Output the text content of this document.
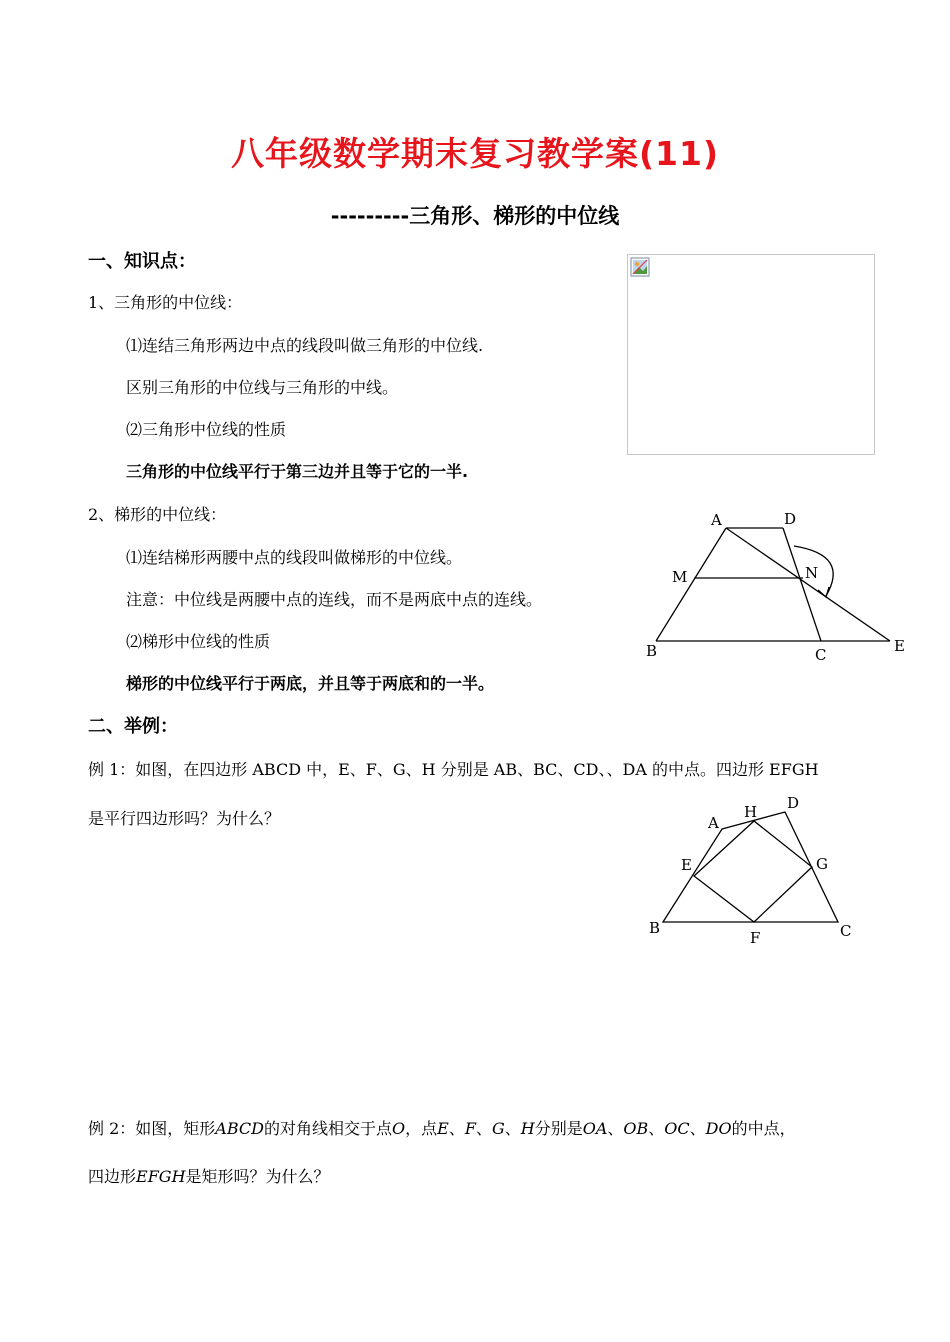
八年级数学期末复习教学案(11)
---------三角形、梯形的中位线
一、知识点：
1、三角形的中位线：
⑴连结三角形两边中点的线段叫做三角形的中位线.
区别三角形的中位线与三角形的中线。
⑵三角形中位线的性质
三角形的中位线平行于第三边并且等于它的一半.
2、梯形的中位线：
⑴连结梯形两腰中点的线段叫做梯形的中位线。
注意：中位线是两腰中点的连线，而不是两底中点的连线。
⑵梯形中位线的性质
梯形的中位线平行于两底，并且等于两底和的一半。
A	D
M	N
B	C	E
二、举例：
例 1：如图，在四边形 ABCD 中，E、F、G、H 分别是 AB、BC、CD、、DA 的中点。四边形 EFGH
是平行四边形吗？为什么？	A
H D
E	G
B
F	C
例 2：如图，矩形ABCD的对角线相交于点O，点E、F、G、H分别是OA、OB、OC、DO的中点，
四边形EFGH是矩形吗？为什么？
